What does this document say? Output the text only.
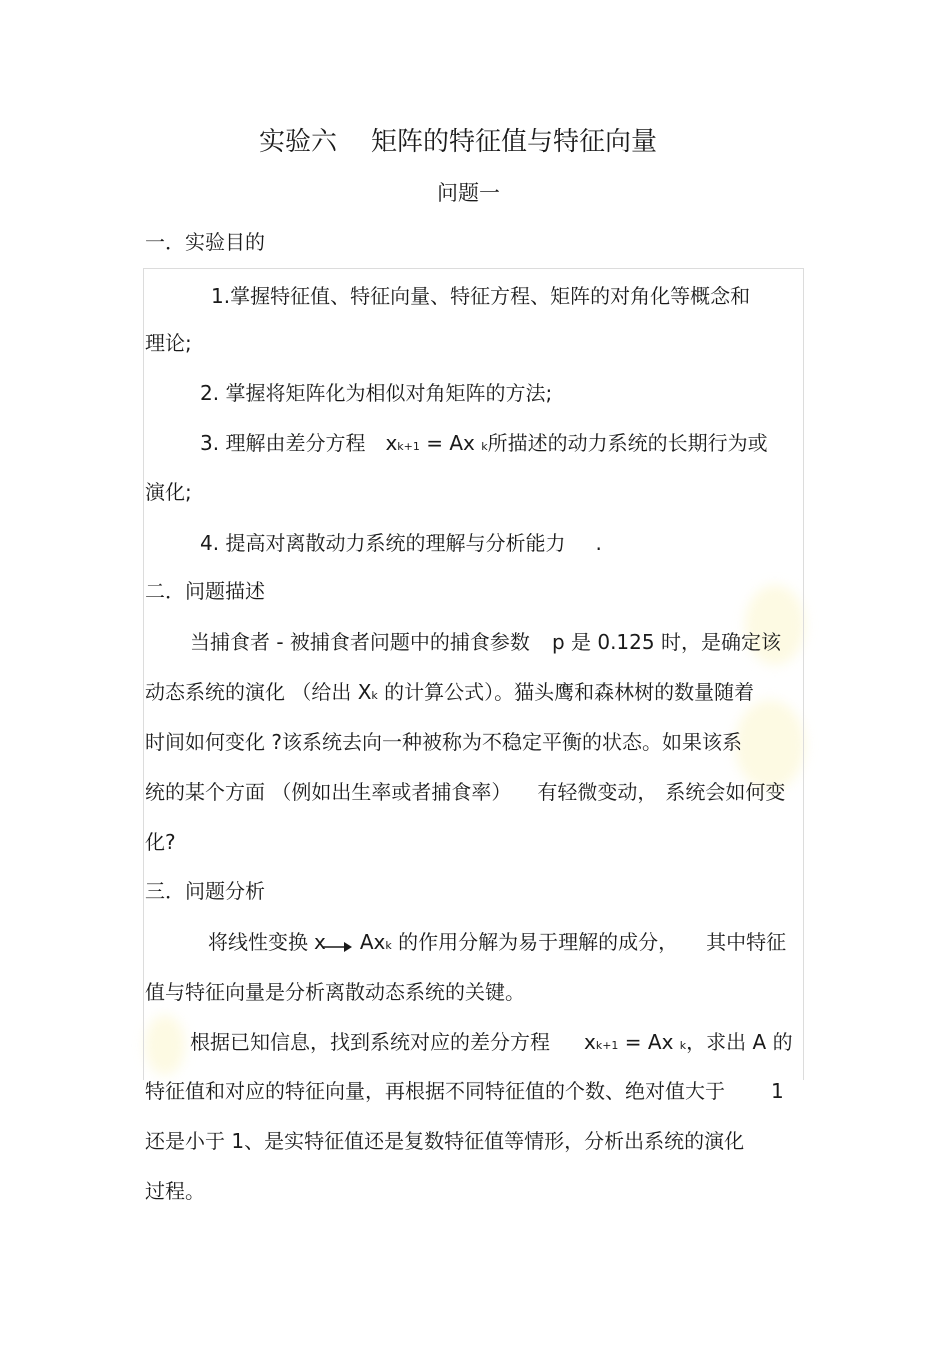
实验六 矩阵的特征值与特征向量
问题一
一．实验目的
1.掌握特征值、特征向量、特征方程、矩阵的对角化等概念和
理论;
2. 掌握将矩阵化为相似对角矩阵的方法;
3. 理解由差分方程 xk+1 = Ax k所描述的动力系统的长期行为或
演化;
4. 提高对离散动力系统的理解与分析能力 .
二．问题描述
当捕食者 - 被捕食者问题中的捕食参数 p 是 0.125 时，是确定该
动态系统的演化 （给出 Xk 的计算公式）。猫头鹰和森林树的数量随着
时间如何变化 ?该系统去向一种被称为不稳定平衡的状态。如果该系
统的某个方面 （例如出生率或者捕食率） 有轻微变动， 系统会如何变
化?
三．问题分析
将线性变换 x Axk 的作用分解为易于理解的成分， 其中特征
值与特征向量是分析离散动态系统的关键。
根据已知信息，找到系统对应的差分方程 xk+1 = Ax k，求出 A 的
特征值和对应的特征向量，再根据不同特征值的个数、绝对值大于 1
还是小于 1、是实特征值还是复数特征值等情形，分析出系统的演化
过程。
